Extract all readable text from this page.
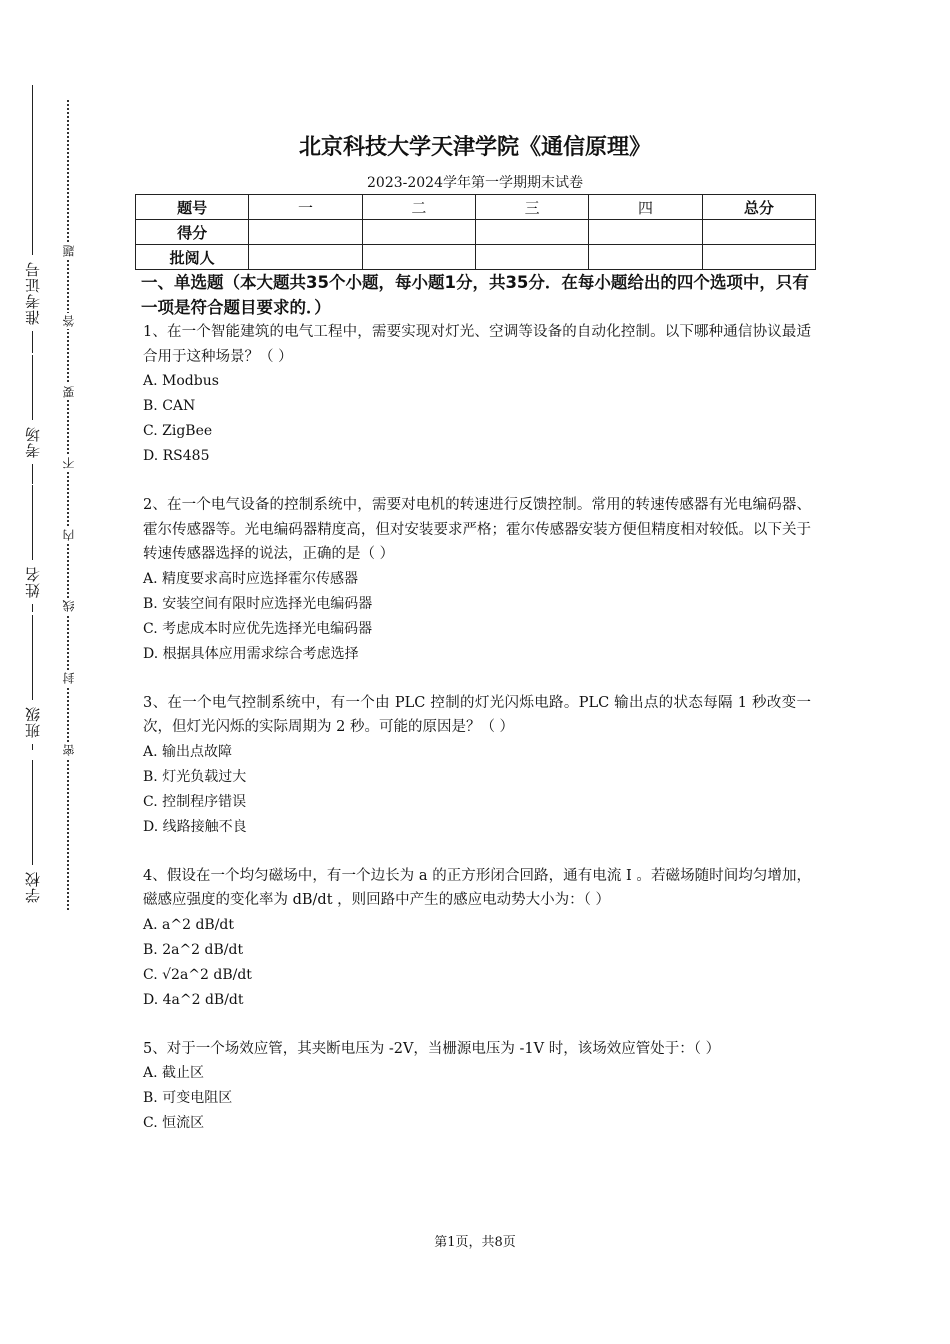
准考证号
考场
姓名
班级
学校
题
答
要
不
内
线
封
密
北京科技大学天津学院《通信原理》
2023-2024学年第一学期期末试卷
题号	一	二	三	四	总分
得分					
批阅人					
一、单选题（本大题共35个小题，每小题1分，共35分．在每小题给出的四个选项中，只有一项是符合题目要求的．）
1、在一个智能建筑的电气工程中，需要实现对灯光、空调等设备的自动化控制。以下哪种通信协议最适合用于这种场景？（ ）
A. Modbus
B. CAN
C. ZigBee
D. RS485
2、在一个电气设备的控制系统中，需要对电机的转速进行反馈控制。常用的转速传感器有光电编码器、霍尔传感器等。光电编码器精度高，但对安装要求严格；霍尔传感器安装方便但精度相对较低。以下关于转速传感器选择的说法，正确的是（ ）
A. 精度要求高时应选择霍尔传感器
B. 安装空间有限时应选择光电编码器
C. 考虑成本时应优先选择光电编码器
D. 根据具体应用需求综合考虑选择
3、在一个电气控制系统中，有一个由 PLC 控制的灯光闪烁电路。PLC 输出点的状态每隔 1 秒改变一次，但灯光闪烁的实际周期为 2 秒。可能的原因是？（ ）
A. 输出点故障
B. 灯光负载过大
C. 控制程序错误
D. 线路接触不良
4、假设在一个均匀磁场中，有一个边长为 a 的正方形闭合回路，通有电流 I 。若磁场随时间均匀增加，磁感应强度的变化率为 dB/dt ，则回路中产生的感应电动势大小为：（ ）
A. a^2 dB/dt
B. 2a^2 dB/dt
C. √2a^2 dB/dt
D. 4a^2 dB/dt
5、对于一个场效应管，其夹断电压为 -2V，当栅源电压为 -1V 时，该场效应管处于：（ ）
A. 截止区
B. 可变电阻区
C. 恒流区
第1页，共8页
